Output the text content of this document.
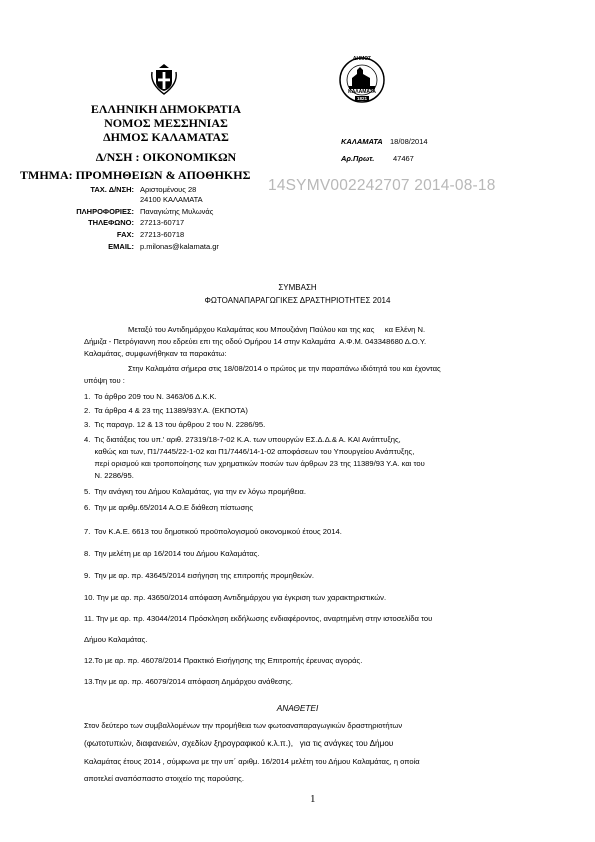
ΔΗΜΟΣ
ΚΑΛΑΜΑΤΑ
1821
ΕΛΛΗΝΙΚΗ ΔΗΜΟΚΡΑΤΙΑ
ΝΟΜΟΣ ΜΕΣΣΗΝΙΑΣ
ΔΗΜΟΣ ΚΑΛΑΜΑΤΑΣ
Δ/ΝΣΗ : ΟΙΚΟΝΟΜΙΚΩΝ
ΤΜΗΜΑ: ΠΡΟΜΗΘΕΙΩΝ & ΑΠΟΘΗΚΗΣ
ΚΑΛΑΜΑΤΑ 18/08/2014
Αρ.Πρωτ. 47467
14SYMV002242707 2014-08-18
ΤΑΧ. Δ/ΝΣΗ: Αριστομένους 28
24100 ΚΑΛΑΜΑΤΑ
ΠΛΗΡΟΦΟΡΙΕΣ: Παναγιώτης Μυλωνάς
ΤΗΛΕΦΩΝΟ: 27213-60717
FAX: 27213-60718
EMAIL: p.milonas@kalamata.gr
ΣΥΜΒΑΣΗ
ΦΩΤΟΑΝΑΠΑΡΑΓΩΓΙΚΕΣ ΔΡΑΣΤΗΡΙΟΤΗΤΕΣ 2014
Μεταξύ του Αντιδημάρχου Καλαμάτας κου Μπουζιάνη Παύλου και της κας     κα Ελένη Ν.
Δήμιζα - Πετρόγιαννη που εδρεύει επι της οδού Ομήρου 14 στην Καλαμάτα  Α.Φ.Μ. 043348680 Δ.Ο.Υ.
Καλαμάτας, συμφωνήθηκαν τα παρακάτω:
Στην Καλαμάτα σήμερα στις 18/08/2014 ο πρώτος με την παραπάνω ιδιότητά του και έχοντας
υπόψη του :
1.  Το άρθρο 209 του Ν. 3463/06 Δ.Κ.Κ.
2.  Τα άρθρα 4 & 23 της 11389/93Υ.Α. (ΕΚΠΟΤΑ)
3.  Τις παραγρ. 12 & 13 του άρθρου 2 του Ν. 2286/95.
4.  Τις διατάξεις του υπ.' αριθ. 27319/18-7-02 Κ.Α. των υπουργών ΕΣ.Δ.Δ.& Α. ΚΑΙ Ανάπτυξης,
καθώς και των, Π1/7445/22-1-02 και Π1/7446/14-1-02 αποφάσεων του Υπουργείου Ανάπτυξης,
περί ορισμού και τροποποίησης των χρηματικών ποσών των άρθρων 23 της 11389/93 Υ.Α. και του
Ν. 2286/95.
5.  Την ανάγκη του Δήμου Καλαμάτας, για την εν λόγω προμήθεια.
6.  Την με αριθμ.65/2014 Α.Ο.Ε διάθεση πίστωσης
7.  Τον Κ.Α.Ε. 6613 του δημοτικού προϋπολογισμού οικονομικού έτους 2014.
8.  Την μελέτη με αρ 16/2014 του Δήμου Καλαμάτας.
9.  Την με αρ. πρ. 43645/2014 εισήγηση της επιτροπής προμηθειών.
10. Την με αρ. πρ. 43650/2014 απόφαση Αντιδημάρχου για έγκριση των χαρακτηριστικών.
11. Την με αρ. πρ. 43044/2014 Πρόσκληση εκδήλωσης ενδιαφέροντος, αναρτημένη στην ιστοσελίδα του
Δήμου Καλαμάτας.
12.Το με αρ. πρ. 46078/2014 Πρακτικό Εισήγησης της Επιτροπής έρευνας αγοράς.
13.Την με αρ. πρ. 46079/2014 απόφαση Δημάρχου ανάθεσης.
ΑΝΑΘΕΤΕΙ
Στον δεύτερο των συμβαλλομένων την προμήθεια των φωτοαναπαραγωγικών δραστηριοτήτων
(φωτοτυπιών, διαφανειών, σχεδίων ξηρογραφικού κ.λ.π.),   για τις ανάγκες του Δήμου
Καλαμάτας έτους 2014 , σύμφωνα με την υπ΄ αριθμ. 16/2014 μελέτη του Δήμου Καλαμάτας, η οποία
αποτελεί αναπόσπαστο στοιχείο της παρούσης.
1
